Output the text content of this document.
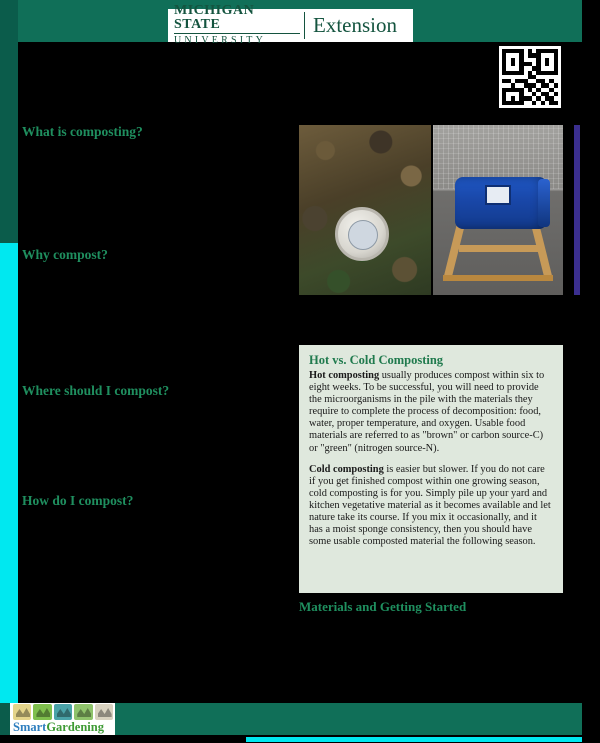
MICHIGAN STATE
UNIVERSITY
Extension
What is composting?
Why compost?
Where should I compost?
How do I compost?
Hot vs. Cold Composting

Hot composting usually produces compost within six to eight weeks. To be successful, you will need to provide the microorganisms in the pile with the materials they require to complete the process of decomposition: food, water, proper temperature, and oxygen. Usable food materials are referred to as "brown" or carbon source-C) or "green" (nitrogen source-N).

Cold composting is easier but slower. If you do not care if you get finished compost within one growing season, cold composting is for you. Simply pile up your yard and kitchen vegetative material as it becomes available and let nature take its course. If you mix it occasionally, and it has a moist sponge consistency, then you should have some usable composted material the following season.

Materials and Getting Started
SmartGardening
